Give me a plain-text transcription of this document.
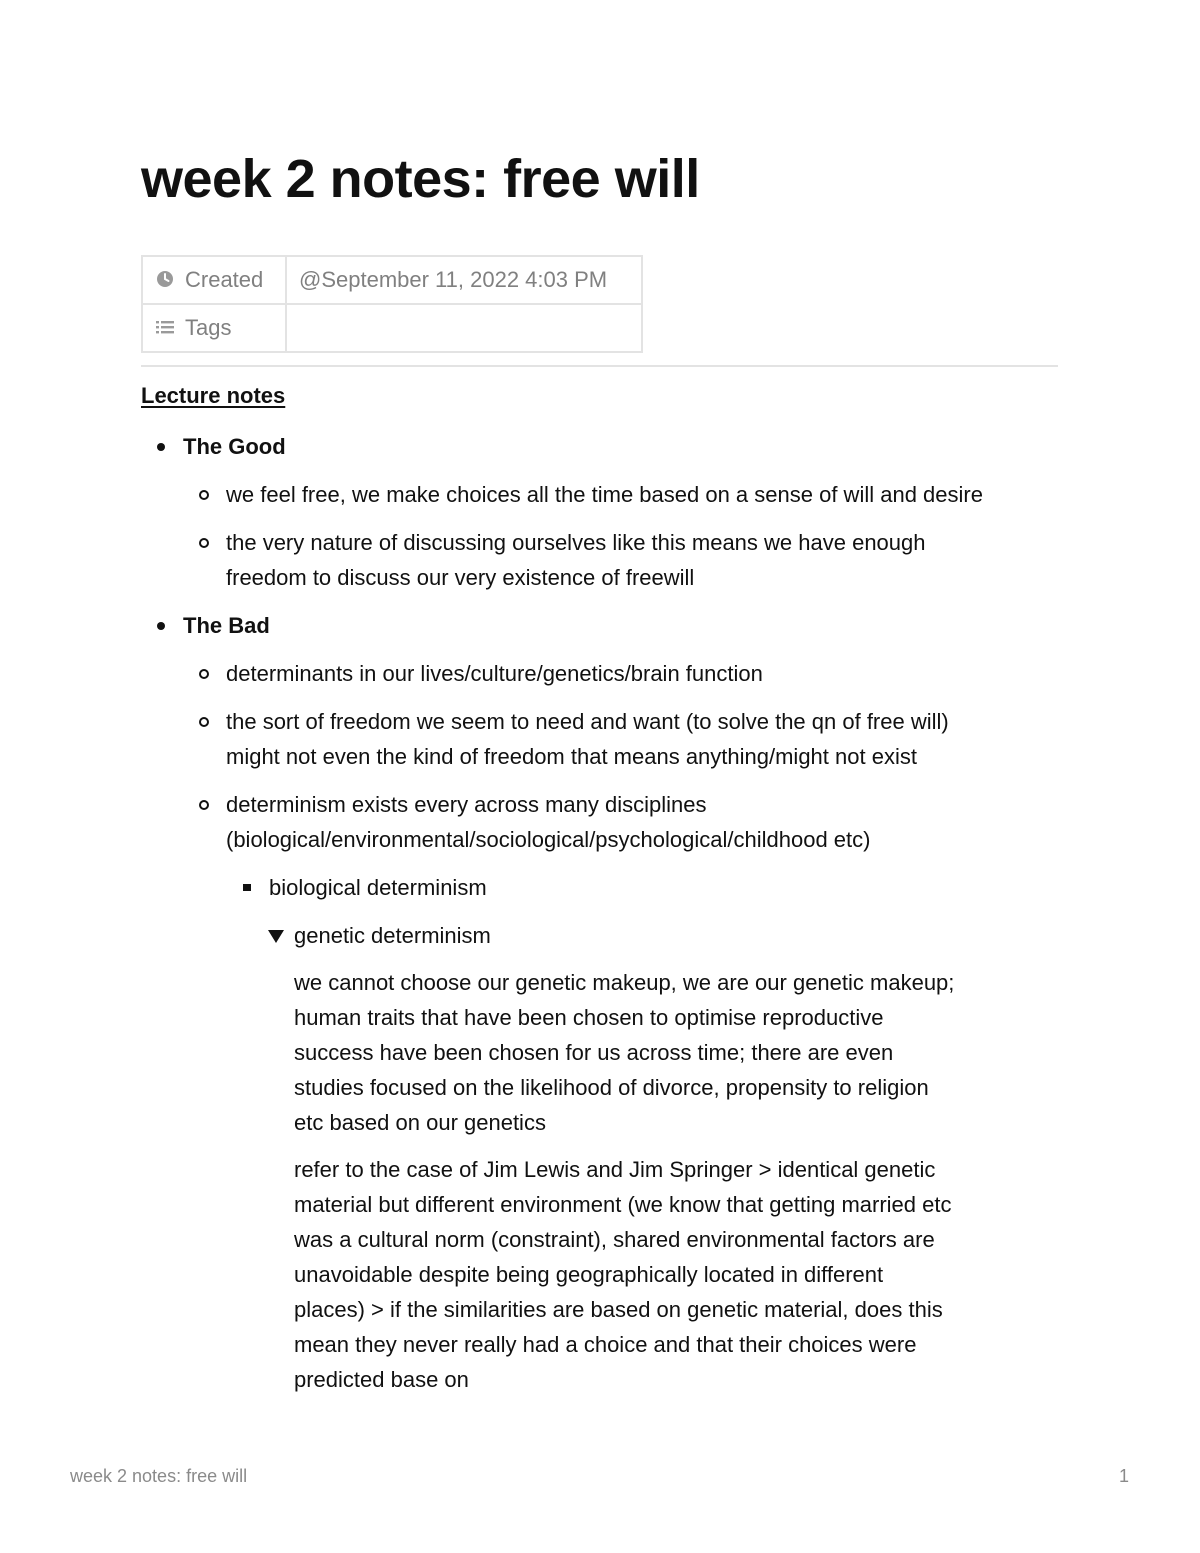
week 2 notes: free will
Created	@September 11, 2022 4:03 PM
Tags	

Lecture notes

The Good
we feel free, we make choices all the time based on a sense of will and desire
the very nature of discussing ourselves like this means we have enough freedom to discuss our very existence of freewill
The Bad
determinants in our lives/culture/genetics/brain function
the sort of freedom we seem to need and want (to solve the qn of free will) might not even the kind of freedom that means anything/might not exist
determinism exists every across many disciplines (biological/environmental/sociological/psychological/childhood etc)
biological determinism
genetic determinism

we cannot choose our genetic makeup, we are our genetic makeup; human traits that have been chosen to optimise reproductive success have been chosen for us across time; there are even studies focused on the likelihood of divorce, propensity to religion etc based on our genetics

refer to the case of Jim Lewis and Jim Springer > identical genetic material but different environment (we know that getting married etc was a cultural norm (constraint), shared environmental factors are unavoidable despite being geographically located in different places) > if the similarities are based on genetic material, does this mean they never really had a choice and that their choices were predicted base on

week 2 notes: free will	1
